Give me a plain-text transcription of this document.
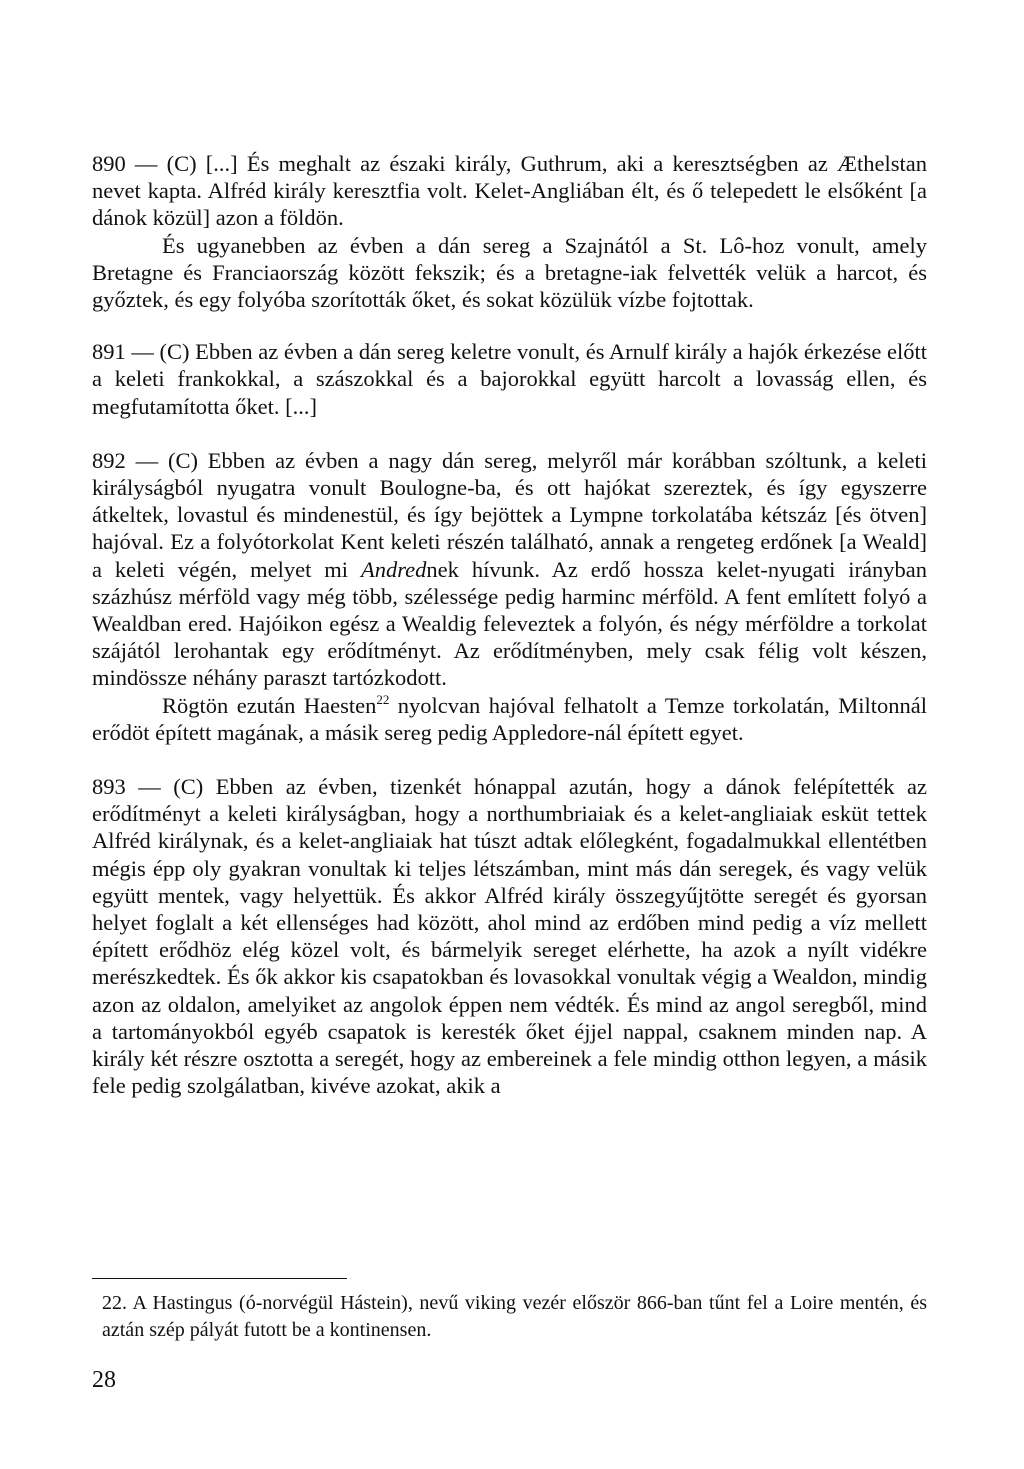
890 — (C) [...] És meghalt az északi király, Guthrum, aki a keresztségben az Æthelstan nevet kapta. Alfréd király keresztfia volt. Kelet-Angliában élt, és ő telepedett le elsőként [a dánok közül] azon a földön.

És ugyanebben az évben a dán sereg a Szajnától a St. Lô-hoz vonult, amely Bretagne és Franciaország között fekszik; és a bretagne-iak felvették velük a harcot, és győztek, és egy folyóba szorították őket, és sokat közülük vízbe fojtottak.

891 — (C) Ebben az évben a dán sereg keletre vonult, és Arnulf király a hajók érkezése előtt a keleti frankokkal, a szászokkal és a bajorokkal együtt harcolt a lovasság ellen, és megfutamította őket. [...]

892 — (C) Ebben az évben a nagy dán sereg, melyről már korábban szóltunk, a keleti királyságból nyugatra vonult Boulogne-ba, és ott hajókat szereztek, és így egyszerre átkeltek, lovastul és mindenestül, és így bejöttek a Lympne torkolatába kétszáz [és ötven] hajóval. Ez a folyótorkolat Kent keleti részén található, annak a rengeteg erdőnek [a Weald] a keleti végén, melyet mi Andrednek hívunk. Az erdő hossza kelet-nyugati irányban százhúsz mérföld vagy még több, szélessége pedig harminc mérföld. A fent említett folyó a Wealdban ered. Hajóikon egész a Wealdig feleveztek a folyón, és négy mérföldre a torkolat szájától lerohantak egy erődítményt. Az erődítményben, mely csak félig volt készen, mindössze néhány paraszt tartózkodott.

Rögtön ezután Haesten$^{22}$ nyolcvan hajóval felhatolt a Temze torkolatán, Miltonnál erődöt épített magának, a másik sereg pedig Appledore-nál épített egyet.

893 — (C) Ebben az évben, tizenkét hónappal azután, hogy a dánok felépítették az erődítményt a keleti királyságban, hogy a northumbriaiak és a kelet-angliaiak esküt tettek Alfréd királynak, és a kelet-angliaiak hat túszt adtak előlegként, fogadalmukkal ellentétben mégis épp oly gyakran vonultak ki teljes létszámban, mint más dán seregek, és vagy velük együtt mentek, vagy helyettük. És akkor Alfréd király összegyűjtötte seregét és gyorsan helyet foglalt a két ellenséges had között, ahol mind az erdőben mind pedig a víz mellett épített erődhöz elég közel volt, és bármelyik sereget elérhette, ha azok a nyílt vidékre merészkedtek. És ők akkor kis csapatokban és lovasokkal vonultak végig a Wealdon, mindig azon az oldalon, amelyiket az angolok éppen nem védték. És mind az angol seregből, mind a tartományokból egyéb csapatok is keresték őket éjjel nappal, csaknem minden nap. A király két részre osztotta a seregét, hogy az embereinek a fele mindig otthon legyen, a másik fele pedig szolgálatban, kivéve azokat, akik a

22. A Hastingus (ó-norvégül Hástein), nevű viking vezér először 866-ban tűnt fel a Loire mentén, és aztán szép pályát futott be a kontinensen.

28
